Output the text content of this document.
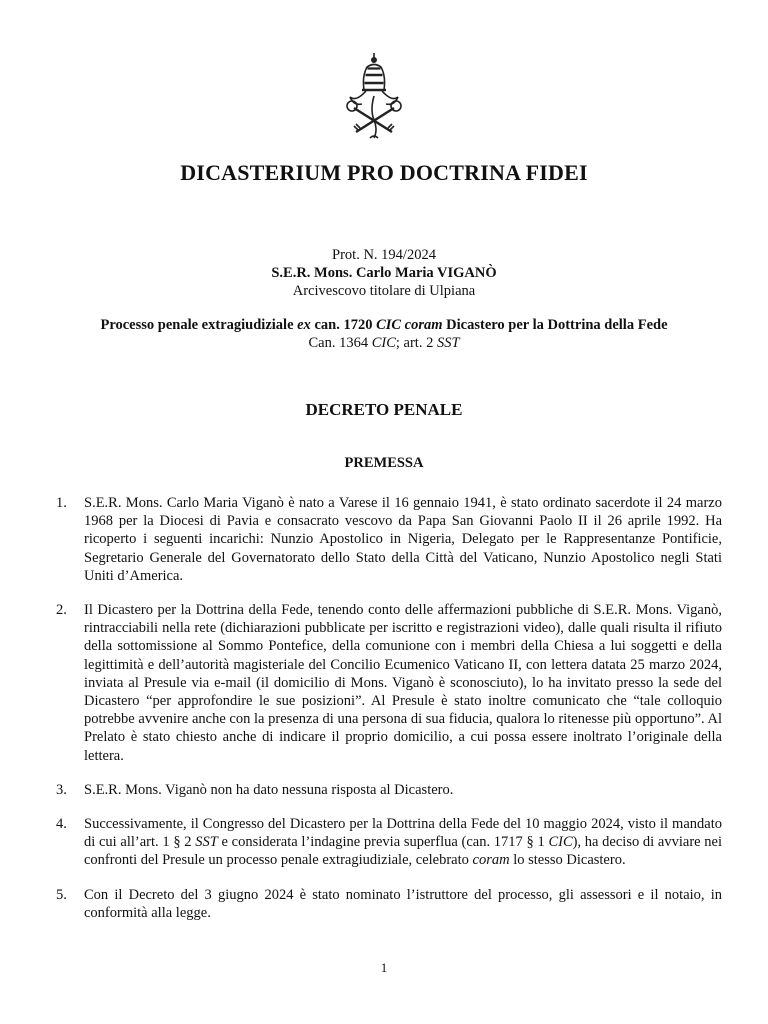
DICASTERIUM PRO DOCTRINA FIDEI
Prot. N. 194/2024
S.E.R. Mons. Carlo Maria VIGANÒ
Arcivescovo titolare di Ulpiana
Processo penale extragiudiziale ex can. 1720 CIC coram Dicastero per la Dottrina della Fede
Can. 1364 CIC; art. 2 SST
DECRETO PENALE
PREMESSA
1.	S.E.R. Mons. Carlo Maria Viganò è nato a Varese il 16 gennaio 1941, è stato ordinato sacerdote il 24 marzo 1968 per la Diocesi di Pavia e consacrato vescovo da Papa San Giovanni Paolo II il 26 aprile 1992. Ha ricoperto i seguenti incarichi: Nunzio Apostolico in Nigeria, Delegato per le Rappresentanze Pontificie, Segretario Generale del Governatorato dello Stato della Città del Vaticano, Nunzio Apostolico negli Stati Uniti d’America.
2.	Il Dicastero per la Dottrina della Fede, tenendo conto delle affermazioni pubbliche di S.E.R. Mons. Viganò, rintracciabili nella rete (dichiarazioni pubblicate per iscritto e registrazioni video), dalle quali risulta il rifiuto della sottomissione al Sommo Pontefice, della comunione con i membri della Chiesa a lui soggetti e della legittimità e dell’autorità magisteriale del Concilio Ecumenico Vaticano II, con lettera datata 25 marzo 2024, inviata al Presule via e-mail (il domicilio di Mons. Viganò è sconosciuto), lo ha invitato presso la sede del Dicastero “per approfondire le sue posizioni”. Al Presule è stato inoltre comunicato che “tale colloquio potrebbe avvenire anche con la presenza di una persona di sua fiducia, qualora lo ritenesse più opportuno”. Al Prelato è stato chiesto anche di indicare il proprio domicilio, a cui possa essere inoltrato l’originale della lettera.
3.	S.E.R. Mons. Viganò non ha dato nessuna risposta al Dicastero.
4.	Successivamente, il Congresso del Dicastero per la Dottrina della Fede del 10 maggio 2024, visto il mandato di cui all’art. 1 § 2 SST e considerata l’indagine previa superflua (can. 1717 § 1 CIC), ha deciso di avviare nei confronti del Presule un processo penale extragiudiziale, celebrato coram lo stesso Dicastero.
5.	Con il Decreto del 3 giugno 2024 è stato nominato l’istruttore del processo, gli assessori e il notaio, in conformità alla legge.
1
